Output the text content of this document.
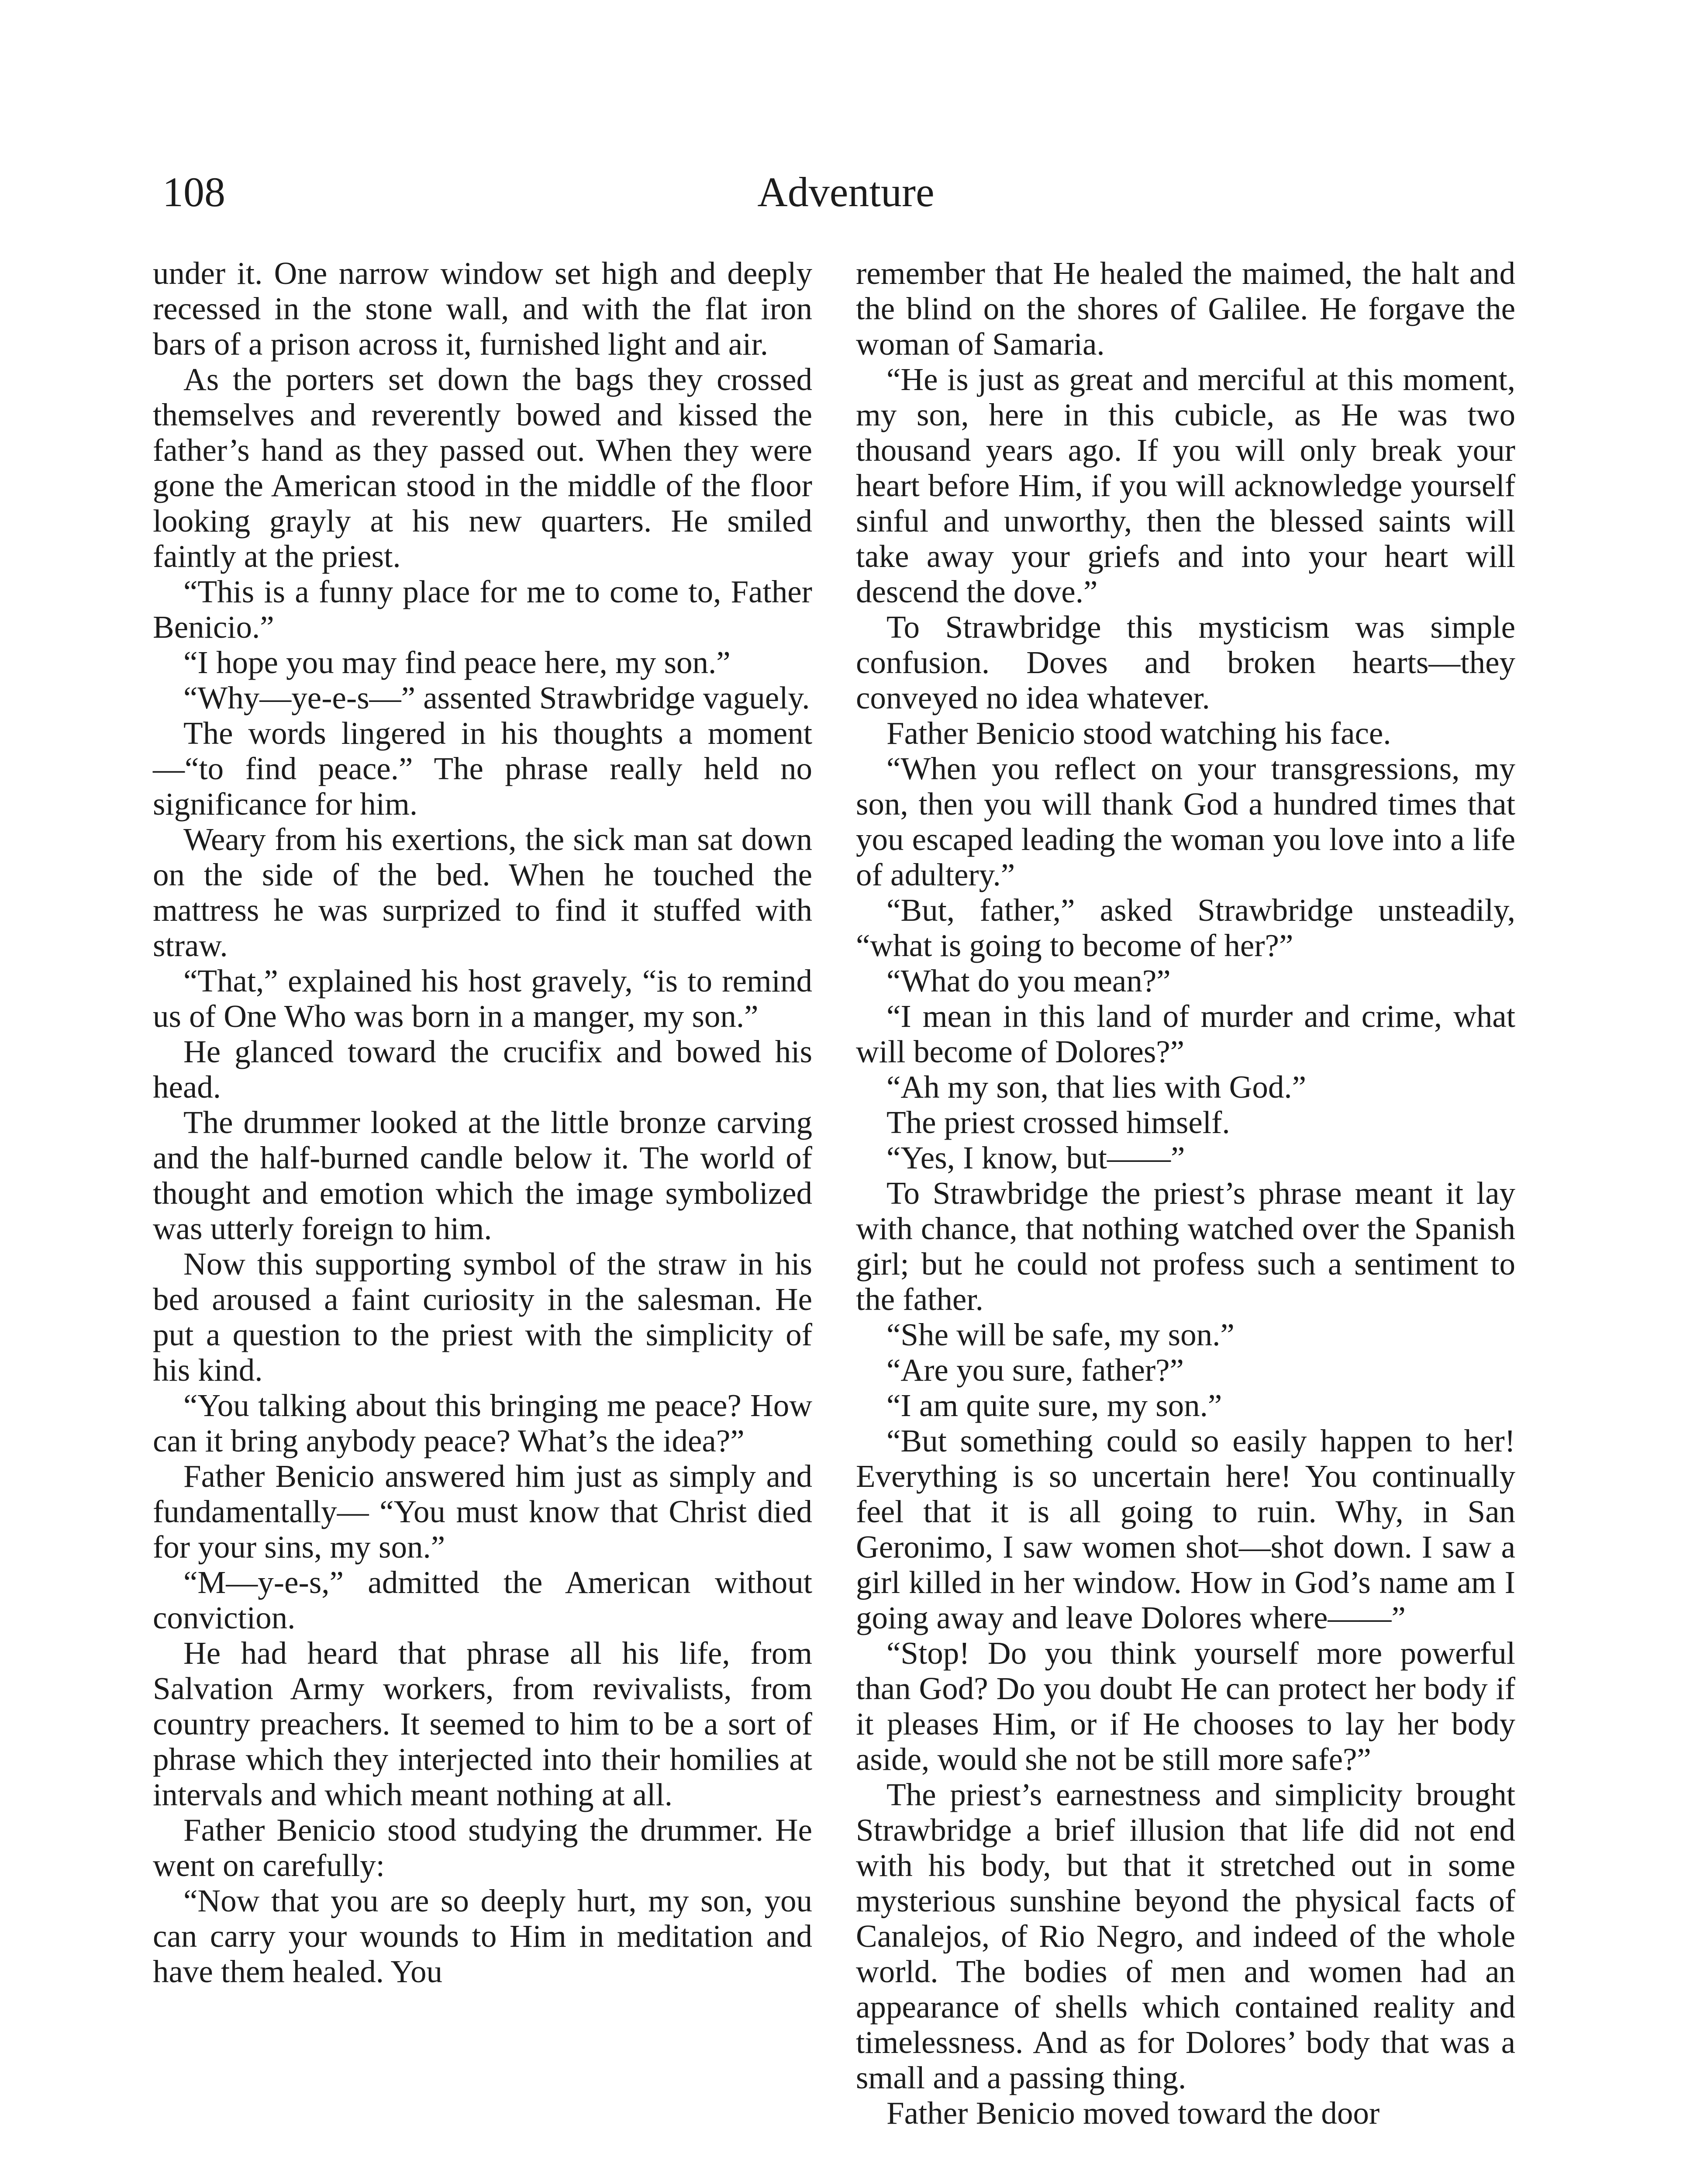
108	Adventure

under it. One narrow window set high and deeply recessed in the stone wall, and with the flat iron bars of a prison across it, furnished light and air.

As the porters set down the bags they crossed themselves and reverently bowed and kissed the father’s hand as they passed out. When they were gone the American stood in the middle of the floor looking grayly at his new quarters. He smiled faintly at the priest.

“This is a funny place for me to come to, Father Benicio.”

“I hope you may find peace here, my son.”

“Why—ye-e-s—” assented Strawbridge vaguely.

The words lingered in his thoughts a moment—“to find peace.” The phrase really held no significance for him.

Weary from his exertions, the sick man sat down on the side of the bed. When he touched the mattress he was surprized to find it stuffed with straw.

“That,” explained his host gravely, “is to remind us of One Who was born in a manger, my son.”

He glanced toward the crucifix and bowed his head.

The drummer looked at the little bronze carving and the half-burned candle below it. The world of thought and emotion which the image symbolized was utterly foreign to him.

Now this supporting symbol of the straw in his bed aroused a faint curiosity in the salesman. He put a question to the priest with the simplicity of his kind.

“You talking about this bringing me peace? How can it bring anybody peace? What’s the idea?”

Father Benicio answered him just as simply and fundamentally— “You must know that Christ died for your sins, my son.”

“M—y-e-s,” admitted the American without conviction.

He had heard that phrase all his life, from Salvation Army workers, from revivalists, from country preachers. It seemed to him to be a sort of phrase which they interjected into their homilies at intervals and which meant nothing at all.

Father Benicio stood studying the drummer. He went on carefully:

“Now that you are so deeply hurt, my son, you can carry your wounds to Him in meditation and have them healed. You

remember that He healed the maimed, the halt and the blind on the shores of Galilee. He forgave the woman of Samaria.

“He is just as great and merciful at this moment, my son, here in this cubicle, as He was two thousand years ago. If you will only break your heart before Him, if you will acknowledge yourself sinful and unworthy, then the blessed saints will take away your griefs and into your heart will descend the dove.”

To Strawbridge this mysticism was simple confusion. Doves and broken hearts—they conveyed no idea whatever.

Father Benicio stood watching his face.

“When you reflect on your transgressions, my son, then you will thank God a hundred times that you escaped leading the woman you love into a life of adultery.”

“But, father,” asked Strawbridge unsteadily, “what is going to become of her?”

“What do you mean?”

“I mean in this land of murder and crime, what will become of Dolores?”

“Ah my son, that lies with God.”

The priest crossed himself.

“Yes, I know, but——”

To Strawbridge the priest’s phrase meant it lay with chance, that nothing watched over the Spanish girl; but he could not profess such a sentiment to the father.

“She will be safe, my son.”

“Are you sure, father?”

“I am quite sure, my son.”

“But something could so easily happen to her! Everything is so uncertain here! You continually feel that it is all going to ruin. Why, in San Geronimo, I saw women shot—shot down. I saw a girl killed in her window. How in God’s name am I going away and leave Dolores where——”

“Stop! Do you think yourself more powerful than God? Do you doubt He can protect her body if it pleases Him, or if He chooses to lay her body aside, would she not be still more safe?”

The priest’s earnestness and simplicity brought Strawbridge a brief illusion that life did not end with his body, but that it stretched out in some mysterious sunshine beyond the physical facts of Canalejos, of Rio Negro, and indeed of the whole world. The bodies of men and women had an appearance of shells which contained reality and timelessness. And as for Dolores’ body that was a small and a passing thing.

Father Benicio moved toward the door
